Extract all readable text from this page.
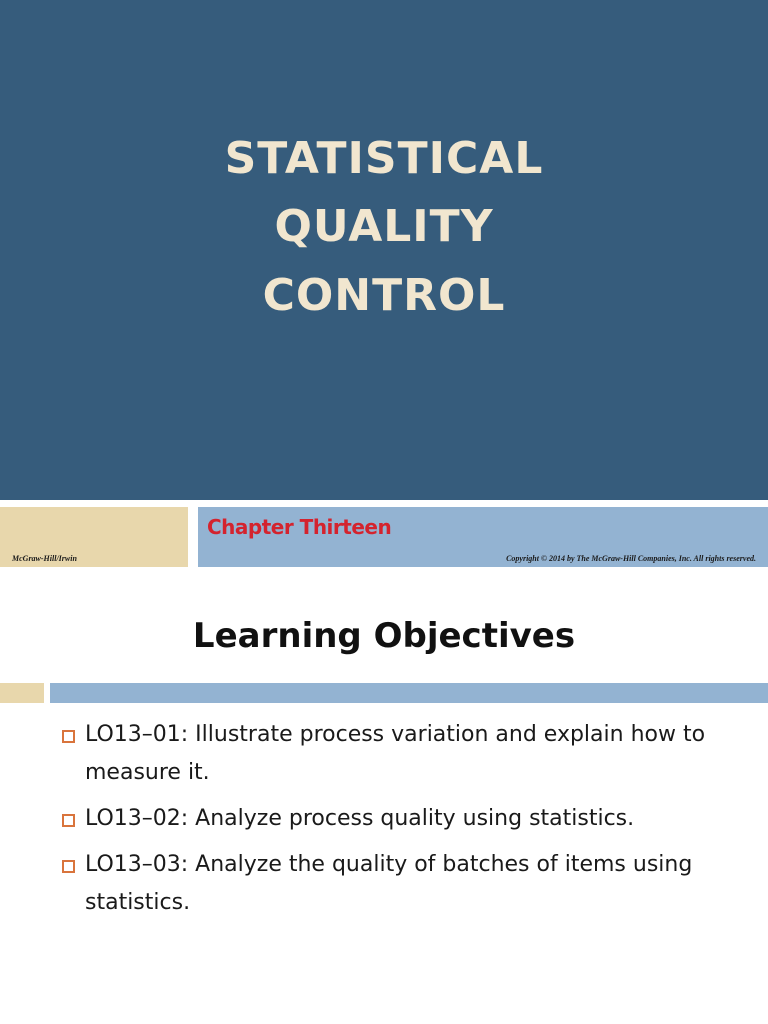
STATISTICAL
QUALITY
CONTROL
Chapter Thirteen
McGraw-Hill/Irwin	Copyright © 2014 by The McGraw-Hill Companies, Inc. All rights reserved.
Learning Objectives
LO13–01: Illustrate process variation and explain how to measure it.
LO13–02: Analyze process quality using statistics.
LO13–03: Analyze the quality of batches of items using statistics.
